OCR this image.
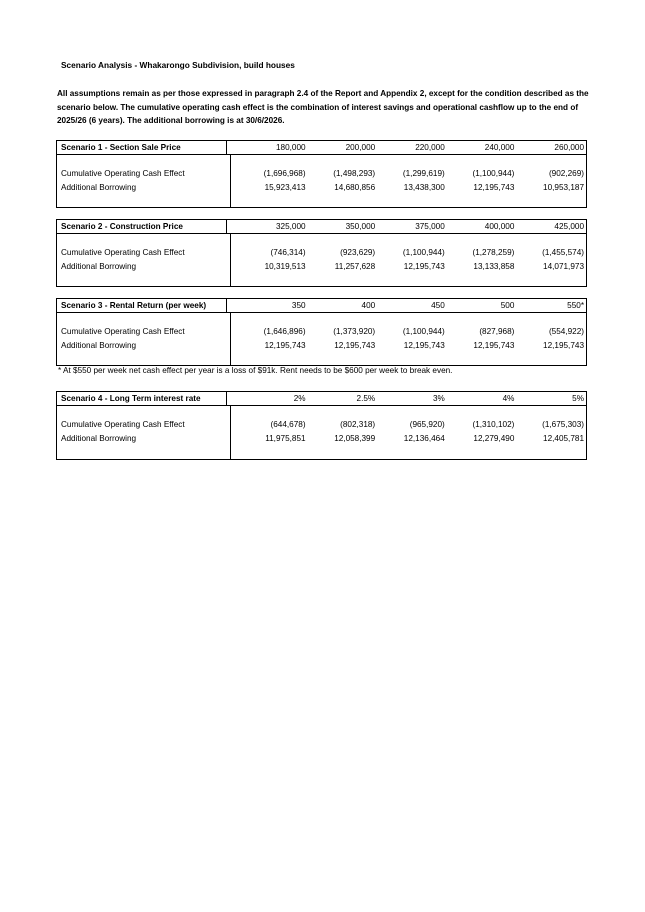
Scenario Analysis - Whakarongo Subdivision, build houses
All assumptions remain as per those expressed in paragraph 2.4 of the Report and Appendix 2, except for the condition described as the scenario below. The cumulative operating cash effect is the combination of interest savings and operational cashflow up to the end of 2025/26 (6 years). The additional borrowing is at 30/6/2026.
Scenario 1 - Section Sale Price	180,000	200,000	220,000	240,000	260,000
Cumulative Operating Cash Effect	(1,696,968)	(1,498,293)	(1,299,619)	(1,100,944)	(902,269)
Additional Borrowing	15,923,413	14,680,856	13,438,300	12,195,743	10,953,187
Scenario 2 - Construction Price	325,000	350,000	375,000	400,000	425,000
Cumulative Operating Cash Effect	(746,314)	(923,629)	(1,100,944)	(1,278,259)	(1,455,574)
Additional Borrowing	10,319,513	11,257,628	12,195,743	13,133,858	14,071,973
Scenario 3 - Rental Return (per week)	350	400	450	500	550*
Cumulative Operating Cash Effect	(1,646,896)	(1,373,920)	(1,100,944)	(827,968)	(554,922)
Additional Borrowing	12,195,743	12,195,743	12,195,743	12,195,743	12,195,743
* At $550 per week net cash effect per year is a loss of $91k. Rent needs to be $600 per week to break even.
Scenario 4 - Long Term interest rate	2%	2.5%	3%	4%	5%
Cumulative Operating Cash Effect	(644,678)	(802,318)	(965,920)	(1,310,102)	(1,675,303)
Additional Borrowing	11,975,851	12,058,399	12,136,464	12,279,490	12,405,781
